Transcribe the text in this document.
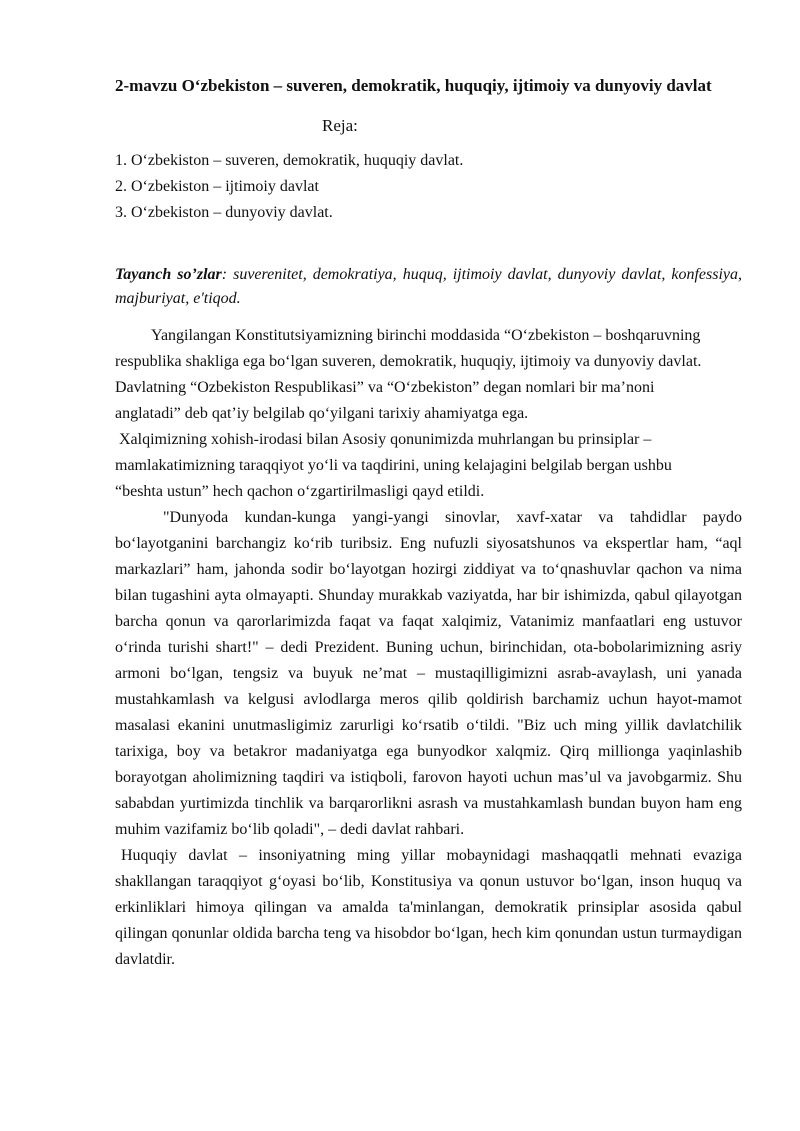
2-mavzu O‘zbekiston – suveren, demokratik, huquqiy, ijtimoiy va dunyoviy davlat

Reja:

1. O‘zbekiston – suveren, demokratik, huquqiy davlat.
2. O‘zbekiston – ijtimoiy davlat
3. O‘zbekiston – dunyoviy davlat.

Tayanch so’zlar: suverenitet, demokratiya, huquq, ijtimoiy davlat, dunyoviy davlat, konfessiya, majburiyat, e'tiqod.

Yangilangan Konstitutsiyamizning birinchi moddasida “O‘zbekiston – boshqaruvning respublika shakliga ega bo‘lgan suveren, demokratik, huquqiy, ijtimoiy va dunyoviy davlat. Davlatning “Ozbekiston Respublikasi” va “O‘zbekiston” degan nomlari bir ma’noni anglatadi” deb qat’iy belgilab qo‘yilgani tarixiy ahamiyatga ega.

Xalqimizning xohish-irodasi bilan Asosiy qonunimizda muhrlangan bu prinsiplar – mamlakatimizning taraqqiyot yo‘li va taqdirini, uning kelajagini belgilab bergan ushbu “beshta ustun” hech qachon o‘zgartirilmasligi qayd etildi.

"Dunyoda kundan-kunga yangi-yangi sinovlar, xavf-xatar va tahdidlar paydo bo‘layotganini barchangiz ko‘rib turibsiz. Eng nufuzli siyosatshunos va ekspertlar ham, “aql markazlari” ham, jahonda sodir bo‘layotgan hozirgi ziddiyat va to‘qnashuvlar qachon va nima bilan tugashini ayta olmayapti. Shunday murakkab vaziyatda, har bir ishimizda, qabul qilayotgan barcha qonun va qarorlarimizda faqat va faqat xalqimiz, Vatanimiz manfaatlari eng ustuvor o‘rinda turishi shart!" – dedi Prezident. Buning uchun, birinchidan, ota-bobolarimizning asriy armoni bo‘lgan, tengsiz va buyuk ne’mat – mustaqilligimizni asrab-avaylash, uni yanada mustahkamlash va kelgusi avlodlarga meros qilib qoldirish barchamiz uchun hayot-mamot masalasi ekanini unutmasligimiz zarurligi ko‘rsatib o‘tildi. "Biz uch ming yillik davlatchilik tarixiga, boy va betakror madaniyatga ega bunyodkor xalqmiz. Qirq millionga yaqinlashib borayotgan aholimizning taqdiri va istiqboli, farovon hayoti uchun mas’ul va javobgarmiz. Shu sababdan yurtimizda tinchlik va barqarorlikni asrash va mustahkamlash bundan buyon ham eng muhim vazifamiz bo‘lib qoladi", – dedi davlat rahbari.

Huquqiy davlat – insoniyatning ming yillar mobaynidagi mashaqqatli mehnati evaziga shakllangan taraqqiyot g‘oyasi bo‘lib, Konstitusiya va qonun ustuvor bo‘lgan, inson huquq va erkinliklari himoya qilingan va amalda ta'minlangan, demokratik prinsiplar asosida qabul qilingan qonunlar oldida barcha teng va hisobdor bo‘lgan, hech kim qonundan ustun turmaydigan davlatdir.
